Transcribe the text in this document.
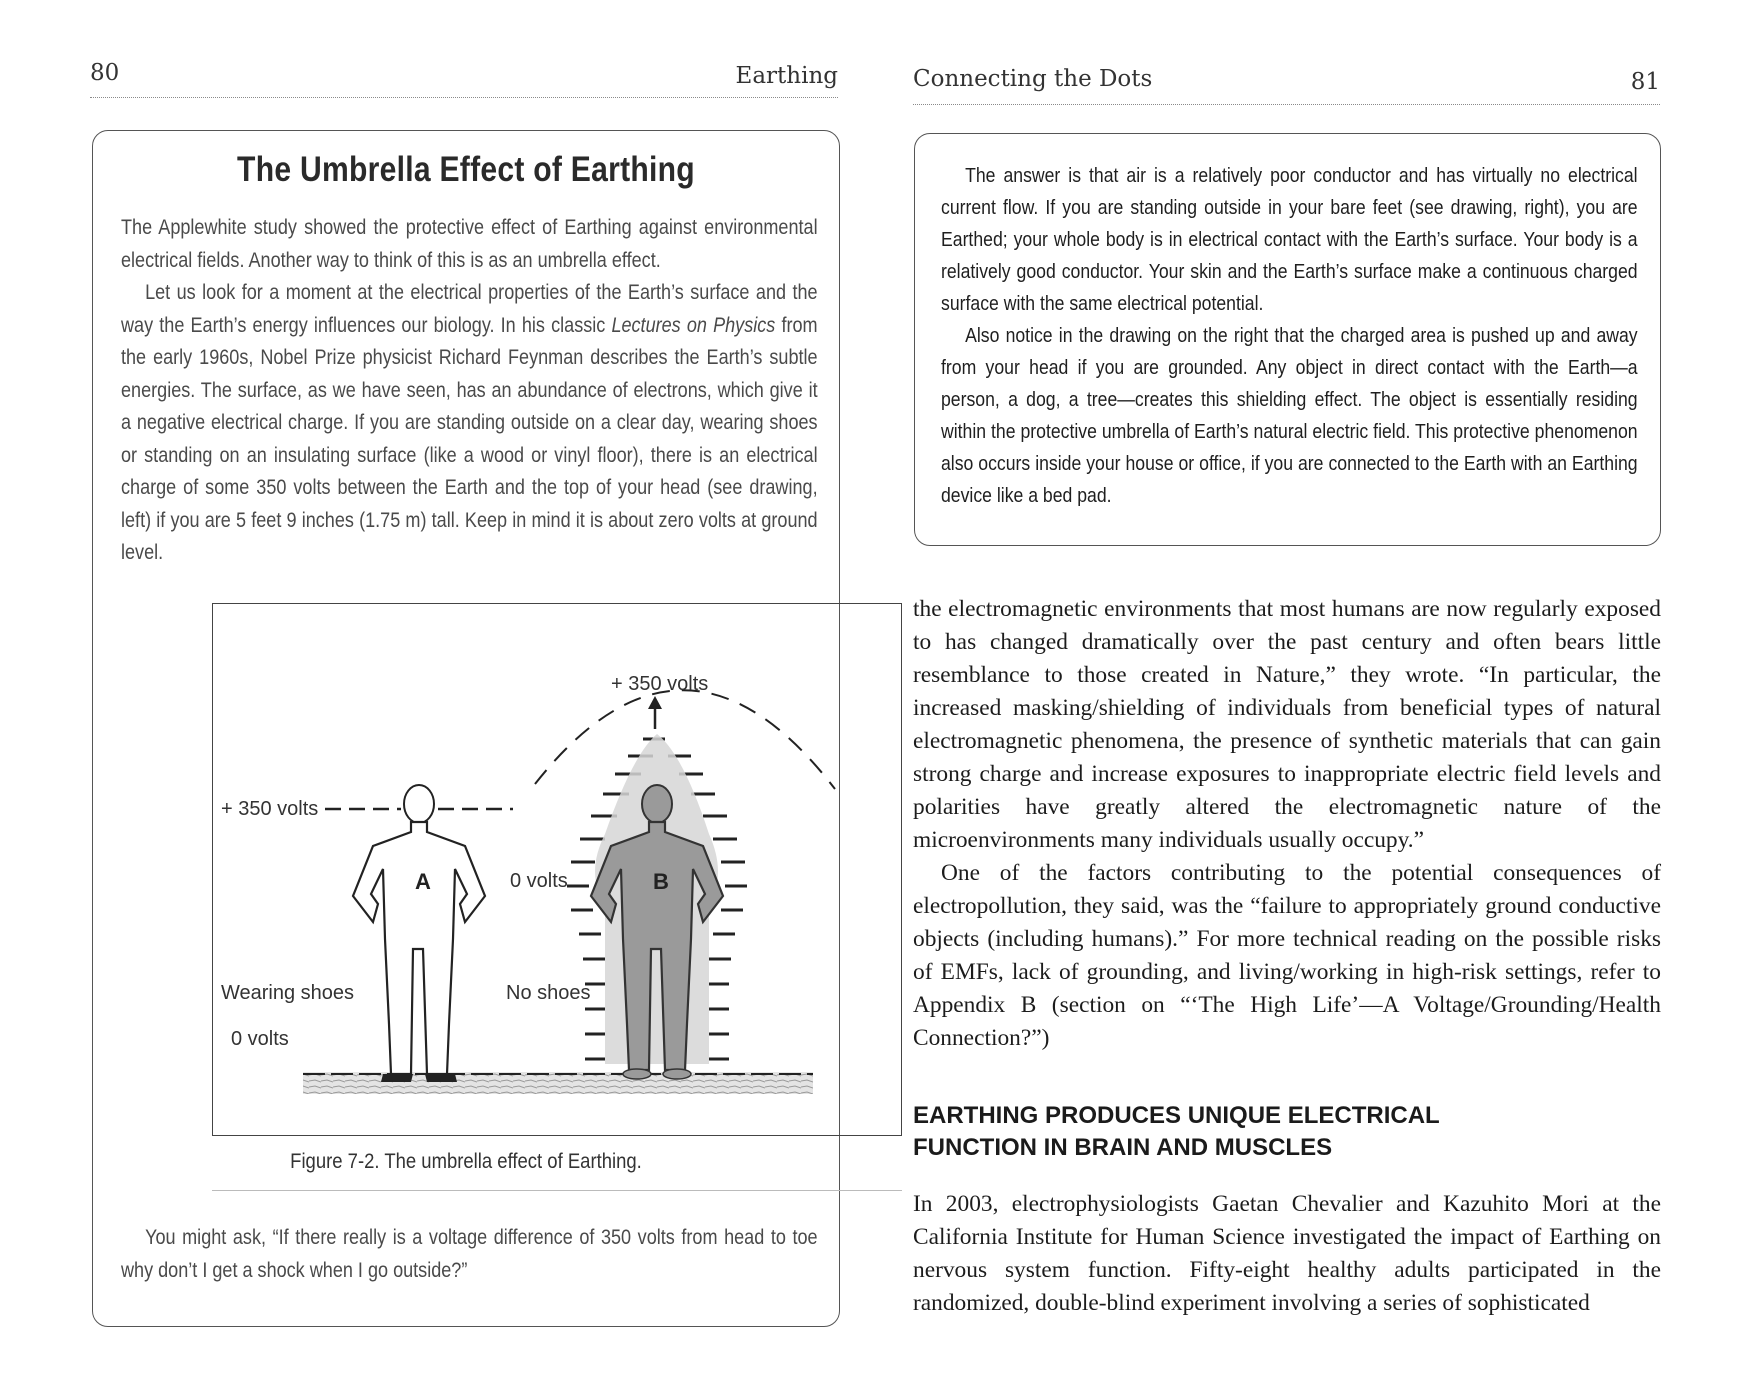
80	Earthing
The Umbrella Effect of Earthing

The Applewhite study showed the protective effect of Earthing against environmental electrical fields. Another way to think of this is as an umbrella effect.

Let us look for a moment at the electrical properties of the Earth’s surface and the way the Earth’s energy influences our biology. In his classic Lectures on Physics from the early 1960s, Nobel Prize physicist Richard Feynman describes the Earth’s subtle energies. The surface, as we have seen, has an abundance of electrons, which give it a negative electrical charge. If you are standing outside on a clear day, wearing shoes or standing on an insulating surface (like a wood or vinyl floor), there is an electrical charge of some 350 volts between the Earth and the top of your head (see drawing, left) if you are 5 feet 9 inches (1.75 m) tall. Keep in mind it is about zero volts at ground level.

A	B
+ 350 volts
+ 350 volts
0 volts
Wearing shoes	No shoes
0 volts
Figure 7-2. The umbrella effect of Earthing.

You might ask, “If there really is a voltage difference of 350 volts from head to toe why don’t I get a shock when I go outside?”

Connecting the Dots	81

The answer is that air is a relatively poor conductor and has virtually no electrical current flow. If you are standing outside in your bare feet (see drawing, right), you are Earthed; your whole body is in electrical contact with the Earth’s surface. Your body is a relatively good conductor. Your skin and the Earth’s surface make a continuous charged surface with the same electrical potential.

Also notice in the drawing on the right that the charged area is pushed up and away from your head if you are grounded. Any object in direct contact with the Earth—a person, a dog, a tree—creates this shielding effect. The object is essentially residing within the protective umbrella of Earth’s natural electric field. This protective phenomenon also occurs inside your house or office, if you are connected to the Earth with an Earthing device like a bed pad.

the electromagnetic environments that most humans are now regularly exposed to has changed dramatically over the past century and often bears little resemblance to those created in Nature,” they wrote. “In particular, the increased masking/shielding of individuals from beneficial types of natural electromagnetic phenomena, the presence of synthetic materials that can gain strong charge and increase exposures to inappropriate electric field levels and polarities have greatly altered the electromagnetic nature of the microenvironments many individuals usually occupy.”

One of the factors contributing to the potential consequences of electropollution, they said, was the “failure to appropriately ground conductive objects (including humans).” For more technical reading on the possible risks of EMFs, lack of grounding, and living/working in high-risk settings, refer to Appendix B (section on “‘The High Life’—A Voltage/Grounding/Health Connection?”)

EARTHING PRODUCES UNIQUE ELECTRICAL
FUNCTION IN BRAIN AND MUSCLES

In 2003, electrophysiologists Gaetan Chevalier and Kazuhito Mori at the California Institute for Human Science investigated the impact of Earthing on nervous system function. Fifty-eight healthy adults participated in the randomized, double-blind experiment involving a series of sophisticated
